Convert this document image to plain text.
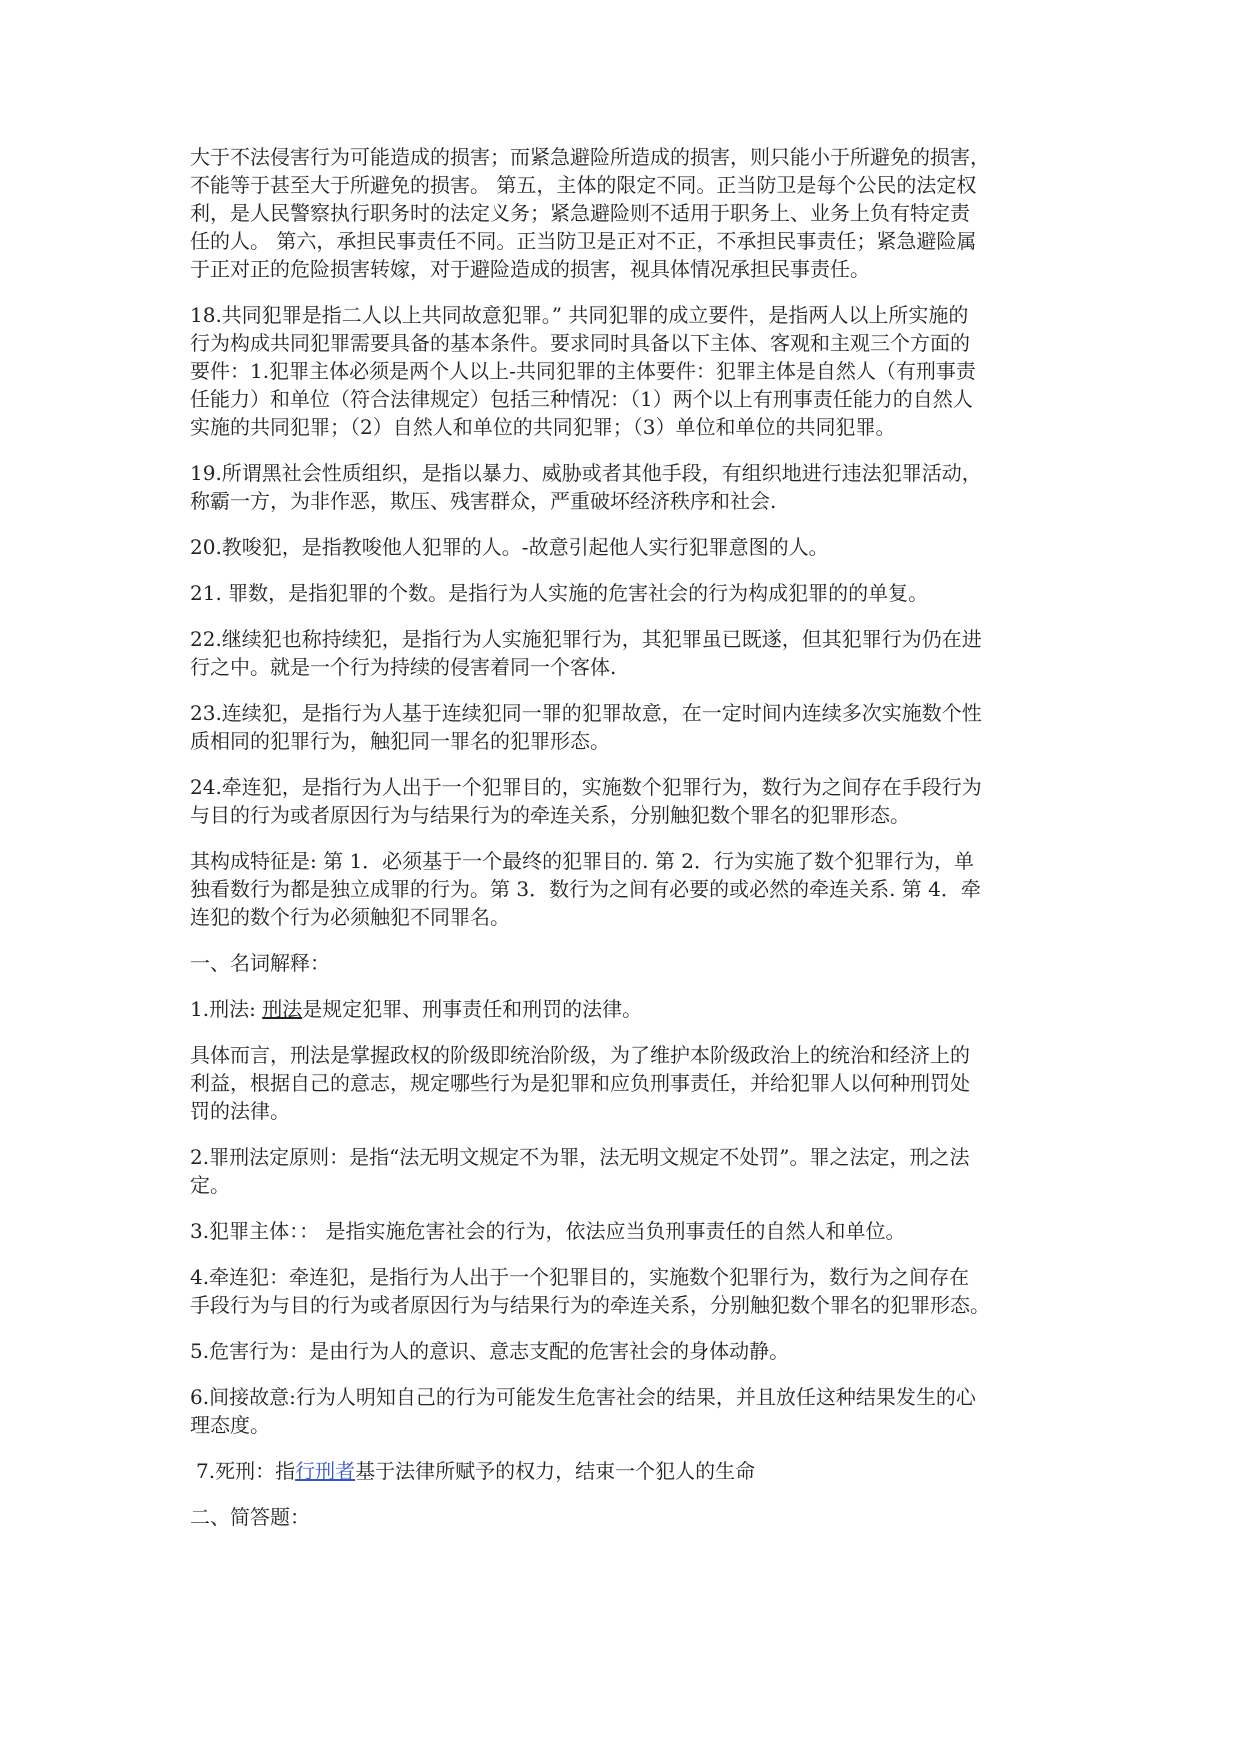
大于不法侵害行为可能造成的损害；而紧急避险所造成的损害，则只能小于所避免的损害，
不能等于甚至大于所避免的损害。 第五，主体的限定不同。正当防卫是每个公民的法定权
利，是人民警察执行职务时的法定义务；紧急避险则不适用于职务上、业务上负有特定责
任的人。 第六，承担民事责任不同。正当防卫是正对不正，不承担民事责任；紧急避险属
于正对正的危险损害转嫁，对于避险造成的损害，视具体情况承担民事责任。
18.共同犯罪是指二人以上共同故意犯罪。” 共同犯罪的成立要件，是指两人以上所实施的
行为构成共同犯罪需要具备的基本条件。要求同时具备以下主体、客观和主观三个方面的
要件：1.犯罪主体必须是两个人以上-共同犯罪的主体要件：犯罪主体是自然人（有刑事责
任能力）和单位（符合法律规定）包括三种情况：（1）两个以上有刑事责任能力的自然人
实施的共同犯罪；（2）自然人和单位的共同犯罪；（3）单位和单位的共同犯罪。
19.所谓黑社会性质组织，是指以暴力、威胁或者其他手段，有组织地进行违法犯罪活动，
称霸一方，为非作恶，欺压、残害群众，严重破坏经济秩序和社会.
20.教唆犯，是指教唆他人犯罪的人。-故意引起他人实行犯罪意图的人。
21. 罪数，是指犯罪的个数。是指行为人实施的危害社会的行为构成犯罪的的单复。
22.继续犯也称持续犯，是指行为人实施犯罪行为，其犯罪虽已既遂，但其犯罪行为仍在进
行之中。就是一个行为持续的侵害着同一个客体.
23.连续犯，是指行为人基于连续犯同一罪的犯罪故意，在一定时间内连续多次实施数个性
质相同的犯罪行为，触犯同一罪名的犯罪形态。
24.牵连犯，是指行为人出于一个犯罪目的，实施数个犯罪行为，数行为之间存在手段行为
与目的行为或者原因行为与结果行为的牵连关系，分别触犯数个罪名的犯罪形态。
其构成特征是: 第 1．必须基于一个最终的犯罪目的. 第 2．行为实施了数个犯罪行为，单
独看数行为都是独立成罪的行为。第 3．数行为之间有必要的或必然的牵连关系. 第 4．牵
连犯的数个行为必须触犯不同罪名。
一、名词解释：
1.刑法: 刑法是规定犯罪、刑事责任和刑罚的法律。
具体而言，刑法是掌握政权的阶级即统治阶级，为了维护本阶级政治上的统治和经济上的
利益，根据自己的意志，规定哪些行为是犯罪和应负刑事责任，并给犯罪人以何种刑罚处
罚的法律。
2.罪刑法定原则：是指“法无明文规定不为罪，法无明文规定不处罚”。罪之法定，刑之法
定。
3.犯罪主体：： 是指实施危害社会的行为，依法应当负刑事责任的自然人和单位。
4.牵连犯：牵连犯，是指行为人出于一个犯罪目的，实施数个犯罪行为，数行为之间存在
手段行为与目的行为或者原因行为与结果行为的牵连关系，分别触犯数个罪名的犯罪形态。
5.危害行为：是由行为人的意识、意志支配的危害社会的身体动静。
6.间接故意:行为人明知自己的行为可能发生危害社会的结果，并且放任这种结果发生的心
理态度。
7.死刑：指行刑者基于法律所赋予的权力，结束一个犯人的生命
二、简答题：
